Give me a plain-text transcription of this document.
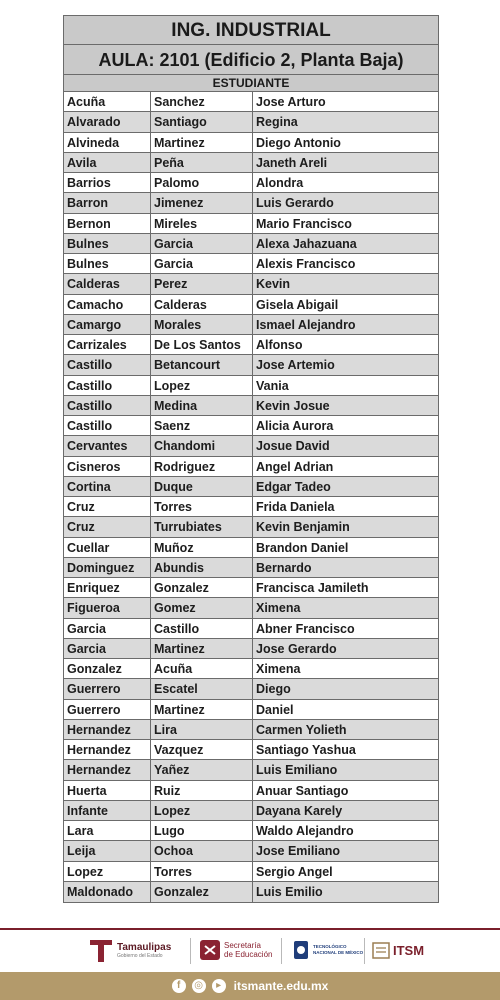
ING. INDUSTRIAL
AULA: 2101 (Edificio 2, Planta Baja)
ESTUDIANTE
Acuña	Sanchez	Jose Arturo
Alvarado	Santiago	Regina
Alvineda	Martinez	Diego Antonio
Avila	Peña	Janeth Areli
Barrios	Palomo	Alondra
Barron	Jimenez	Luis Gerardo
Bernon	Mireles	Mario Francisco
Bulnes	Garcia	Alexa Jahazuana
Bulnes	Garcia	Alexis Francisco
Calderas	Perez	Kevin
Camacho	Calderas	Gisela Abigail
Camargo	Morales	Ismael Alejandro
Carrizales	De Los Santos	Alfonso
Castillo	Betancourt	Jose Artemio
Castillo	Lopez	Vania
Castillo	Medina	Kevin Josue
Castillo	Saenz	Alicia Aurora
Cervantes	Chandomi	Josue David
Cisneros	Rodriguez	Angel Adrian
Cortina	Duque	Edgar Tadeo
Cruz	Torres	Frida Daniela
Cruz	Turrubiates	Kevin Benjamin
Cuellar	Muñoz	Brandon Daniel
Dominguez	Abundis	Bernardo
Enriquez	Gonzalez	Francisca Jamileth
Figueroa	Gomez	Ximena
Garcia	Castillo	Abner Francisco
Garcia	Martinez	Jose Gerardo
Gonzalez	Acuña	Ximena
Guerrero	Escatel	Diego
Guerrero	Martinez	Daniel
Hernandez	Lira	Carmen Yolieth
Hernandez	Vazquez	Santiago Yashua
Hernandez	Yañez	Luis Emiliano
Huerta	Ruiz	Anuar Santiago
Infante	Lopez	Dayana Karely
Lara	Lugo	Waldo Alejandro
Leija	Ochoa	Jose Emiliano
Lopez	Torres	Sergio Angel
Maldonado	Gonzalez	Luis Emilio
Tamaulipas
Gobierno del Estado
Secretaría
de Educación
TECNOLÓGICO
NACIONAL DE MÉXICO ITSM
f	◎	▸	itsmante.edu.mx
